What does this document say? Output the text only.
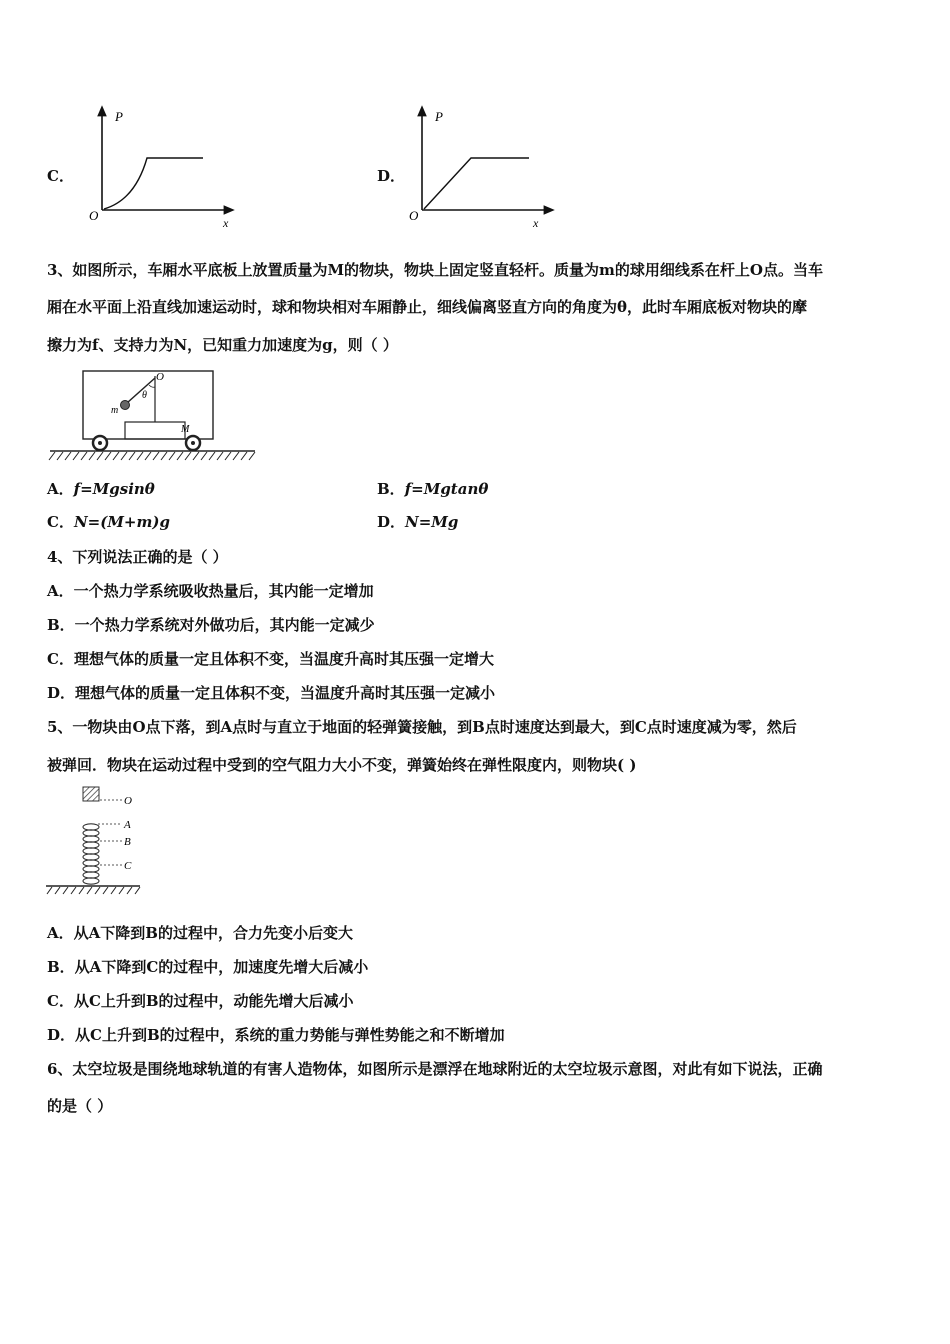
C．
P
x
O
D．
P
x
O
3、如图所示，车厢水平底板上放置质量为M的物块，物块上固定竖直轻杆。质量为m的球用细线系在杆上O点。当车
厢在水平面上沿直线加速运动时，球和物块相对车厢静止，细线偏离竖直方向的角度为θ，此时车厢底板对物块的摩
擦力为f、支持力为N，已知重力加速度为g，则（ ）
O
θ
m
M
A．f=Mgsinθ	B．f=Mgtanθ
C．N=(M+m)g	D．N=Mg
4、下列说法正确的是（ ）
A．一个热力学系统吸收热量后，其内能一定增加
B．一个热力学系统对外做功后，其内能一定减少
C．理想气体的质量一定且体积不变，当温度升高时其压强一定增大
D．理想气体的质量一定且体积不变，当温度升高时其压强一定减小
5、一物块由O点下落，到A点时与直立于地面的轻弹簧接触，到B点时速度达到最大，到C点时速度减为零，然后
被弹回．物块在运动过程中受到的空气阻力大小不变，弹簧始终在弹性限度内，则物块( )
O
A
B
C
A．从A下降到B的过程中，合力先变小后变大
B．从A下降到C的过程中，加速度先增大后减小
C．从C上升到B的过程中，动能先增大后减小
D．从C上升到B的过程中，系统的重力势能与弹性势能之和不断增加
6、太空垃圾是围绕地球轨道的有害人造物体，如图所示是漂浮在地球附近的太空垃圾示意图，对此有如下说法，正确
的是（ ）
